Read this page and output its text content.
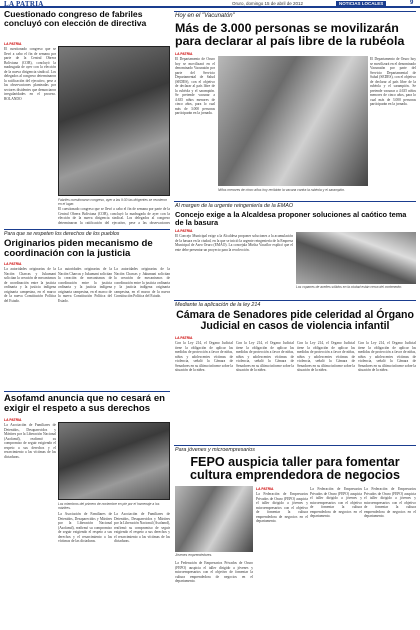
LA PATRIA	Oruro, domingo 15 de abril de 2012	NOTICIAS LOCALES	9
Cuestionado congreso de fabriles concluyó con elección de directiva
LA PATRIA
El cuestionado congreso que se llevó a cabo el fin de semana por parte de la Central Obrera Boliviana (COB), concluyó la madrugada de ayer con la elección de la nueva dirigencia sindical. Los delegados al congreso determinaron la ratificación del ejecutivo, pese a las observaciones planteadas por sectores disidentes que denunciaron irregularidades en el proceso. ROLANDO
Fabriles cuestionaron congreso, ayer a las 9:30 las dirigentes se reunieron en el lugar.
El cuestionado congreso que se llevó a cabo el fin de semana por parte de la Central Obrera Boliviana (COB), concluyó la madrugada de ayer con la elección de la nueva dirigencia sindical. Los delegados al congreso determinaron la ratificación del ejecutivo, pese a las observaciones
Hoy en el "Vacunatón"
Más de 3.000 personas se movilizarán para declarar al país libre de la rubéola
LA PATRIA
El Departamento de Oruro hoy se movilizará en el denominado Vacunatón por parte del Servicio Departamental de Salud (SEDES), con el objetivo de declarar al país libre de la rubéola y el sarampión. Se pretende vacunar a 4.635 niños menores de cinco años, para lo cual más de 3.000 personas participarán en la jornada.
Niños menores de cinco años hoy recibirán la vacuna contra la rubéola y el sarampión.
El Departamento de Oruro hoy se movilizará en el denominado Vacunatón por parte del Servicio Departamental de Salud (SEDES), con el objetivo de declarar al país libre de la rubéola y el sarampión. Se pretende vacunar a 4.635 niños menores de cinco años, para lo cual más de 3.000 personas participarán en la jornada.
Al margen de la urgente reingeniería de la EMAO
Concejo exige a la Alcaldesa proponer soluciones al caótico tema de la basura
LA PATRIA
El Concejo Municipal exige a la Alcaldesa proponer soluciones a la acumulación de la basura en la ciudad, en la que se inició la urgente reingeniería de la Empresa Municipal de Aseo Oruro (EMAO). La concejala Mirtha Vacaflor explicó que el ente debe presentar un proyecto para la recolección.
Los copanes de aceites sólidos en la ciudad están cerca del contenedor.
Para que se respeten los derechos de los pueblos
Originarios piden mecanismo de coordinación con la justicia
LA PATRIA
La autoridades originarias de la Nación Charcas y Jukumani solicitan la creación de mecanismos de coordinación entre la justicia ordinaria y la justicia indígena originaria campesina, en el marco de la nueva Constitución Política del Estado.
La autoridades originarias de la Nación Charcas y Jukumani solicitan la creación de mecanismos de coordinación entre la justicia ordinaria y la justicia indígena originaria campesina, en el marco de la nueva Constitución Política del Estado.
La autoridades originarias de la Nación Charcas y Jukumani solicitan la creación de mecanismos de coordinación entre la justicia ordinaria y la justicia indígena originaria campesina, en el marco de la nueva Constitución Política del Estado.
Mediante la aplicación de la ley 214
Cámara de Senadores pide celeridad al Órgano Judicial en casos de violencia infantil
LA PATRIA
Con la Ley 214, el Órgano Judicial tiene la obligación de aplicar las medidas de protección a favor de niñas, niños y adolescentes víctimas de violencia, señaló la Cámara de Senadores en su último informe sobre la situación de la niñez.
Con la Ley 214, el Órgano Judicial tiene la obligación de aplicar las medidas de protección a favor de niñas, niños y adolescentes víctimas de violencia, señaló la Cámara de Senadores en su último informe sobre la situación de la niñez.
Con la Ley 214, el Órgano Judicial tiene la obligación de aplicar las medidas de protección a favor de niñas, niños y adolescentes víctimas de violencia, señaló la Cámara de Senadores en su último informe sobre la situación de la niñez.
Con la Ley 214, el Órgano Judicial tiene la obligación de aplicar las medidas de protección a favor de niñas, niños y adolescentes víctimas de violencia, señaló la Cámara de Senadores en su último informe sobre la situación de la niñez.
Asofamd anuncia que no cesará en exigir el respeto a sus derechos
LA PATRIA
La Asociación de Familiares de Detenidos, Desaparecidos y Mártires por la Liberación Nacional (Asofamd), reafirmó su compromiso de seguir exigiendo el respeto a sus derechos y el resarcimiento a las víctimas de las dictaduras.
Los miembros del primero de noviembre en pie por el homenaje a los mártires.
La Asociación de Familiares de Detenidos, Desaparecidos y Mártires por la Liberación Nacional (Asofamd), reafirmó su compromiso de seguir exigiendo el respeto a sus derechos y el resarcimiento a las víctimas de las dictaduras.
La Asociación de Familiares de Detenidos, Desaparecidos y Mártires por la Liberación Nacional (Asofamd), reafirmó su compromiso de seguir exigiendo el respeto a sus derechos y el resarcimiento a las víctimas de las dictaduras.
Para jóvenes y microempresarios
FEPO auspicia taller para fomentar cultura emprendedora de negocios
Jóvenes emprendedores.
LA PATRIA
La Federación de Empresarios Privados de Oruro (FEPO) auspicia el taller dirigido a jóvenes y microempresarios con el objetivo de fomentar la cultura emprendedora de negocios en el departamento.
La Federación de Empresarios Privados de Oruro (FEPO) auspicia el taller dirigido a jóvenes y microempresarios con el objetivo de fomentar la cultura emprendedora de negocios en el departamento.
La Federación de Empresarios Privados de Oruro (FEPO) auspicia el taller dirigido a jóvenes y microempresarios con el objetivo de fomentar la cultura emprendedora de negocios en el departamento.
La Federación de Empresarios Privados de Oruro (FEPO) auspicia el taller dirigido a jóvenes y microempresarios con el objetivo de fomentar la cultura emprendedora de negocios en el departamento.
